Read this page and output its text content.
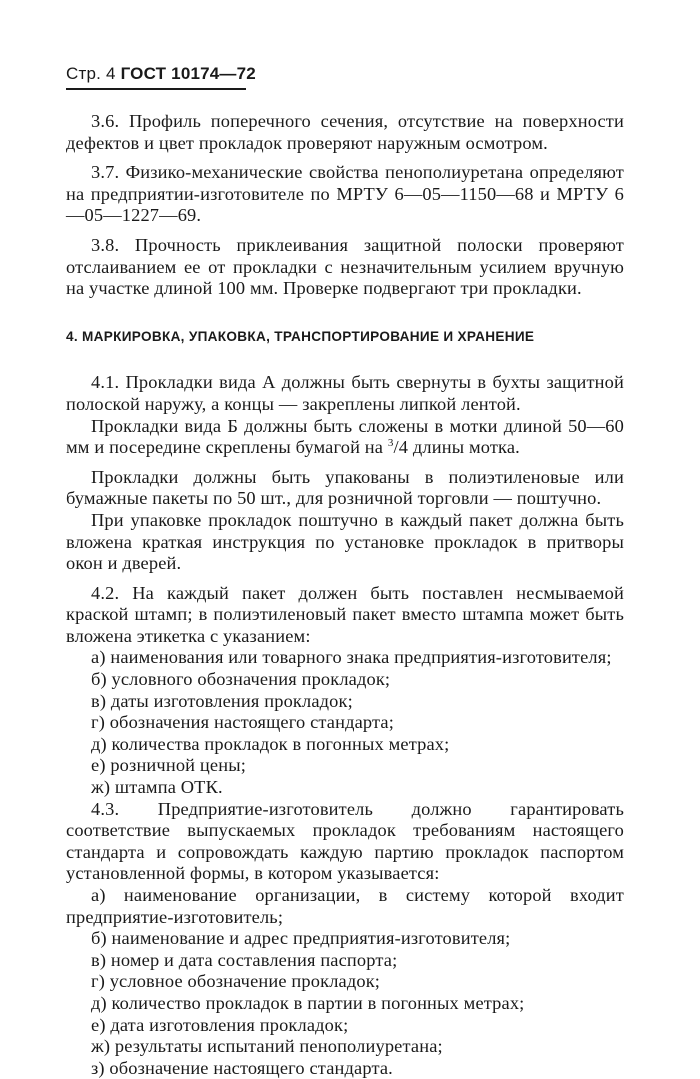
Стр. 4 ГОСТ 10174—72

3.6. Профиль поперечного сечения, отсутствие на поверхности дефектов и цвет прокладок проверяют наружным осмотром.

3.7. Физико-механические свойства пенополиуретана определяют на предприятии-изготовителе по МРТУ 6—05—1150—68 и МРТУ 6—05—1227—69.

3.8. Прочность приклеивания защитной полоски проверяют отслаиванием ее от прокладки с незначительным усилием вручную на участке длиной 100 мм. Проверке подвергают три прокладки.

4. МАРКИРОВКА, УПАКОВКА, ТРАНСПОРТИРОВАНИЕ И ХРАНЕНИЕ

4.1. Прокладки вида А должны быть свернуты в бухты защитной полоской наружу, а концы — закреплены липкой лентой.

Прокладки вида Б должны быть сложены в мотки длиной 50—60 мм и посередине скреплены бумагой на $^3$/4 длины мотка.

Прокладки должны быть упакованы в полиэтиленовые или бумажные пакеты по 50 шт., для розничной торговли — поштучно.

При упаковке прокладок поштучно в каждый пакет должна быть вложена краткая инструкция по установке прокладок в притворы окон и дверей.

4.2. На каждый пакет должен быть поставлен несмываемой краской штамп; в полиэтиленовый пакет вместо штампа может быть вложена этикетка с указанием:

а) наименования или товарного знака предприятия-изготовителя;

б) условного обозначения прокладок;

в) даты изготовления прокладок;

г) обозначения настоящего стандарта;

д) количества прокладок в погонных метрах;

е) розничной цены;

ж) штампа ОТК.

4.3. Предприятие-изготовитель должно гарантировать соответствие выпускаемых прокладок требованиям настоящего стандарта и сопровождать каждую партию прокладок паспортом установленной формы, в котором указывается:

а) наименование организации, в систему которой входит предприятие-изготовитель;

б) наименование и адрес предприятия-изготовителя;

в) номер и дата составления паспорта;

г) условное обозначение прокладок;

д) количество прокладок в партии в погонных метрах;

е) дата изготовления прокладок;

ж) результаты испытаний пенополиуретана;

з) обозначение настоящего стандарта.
